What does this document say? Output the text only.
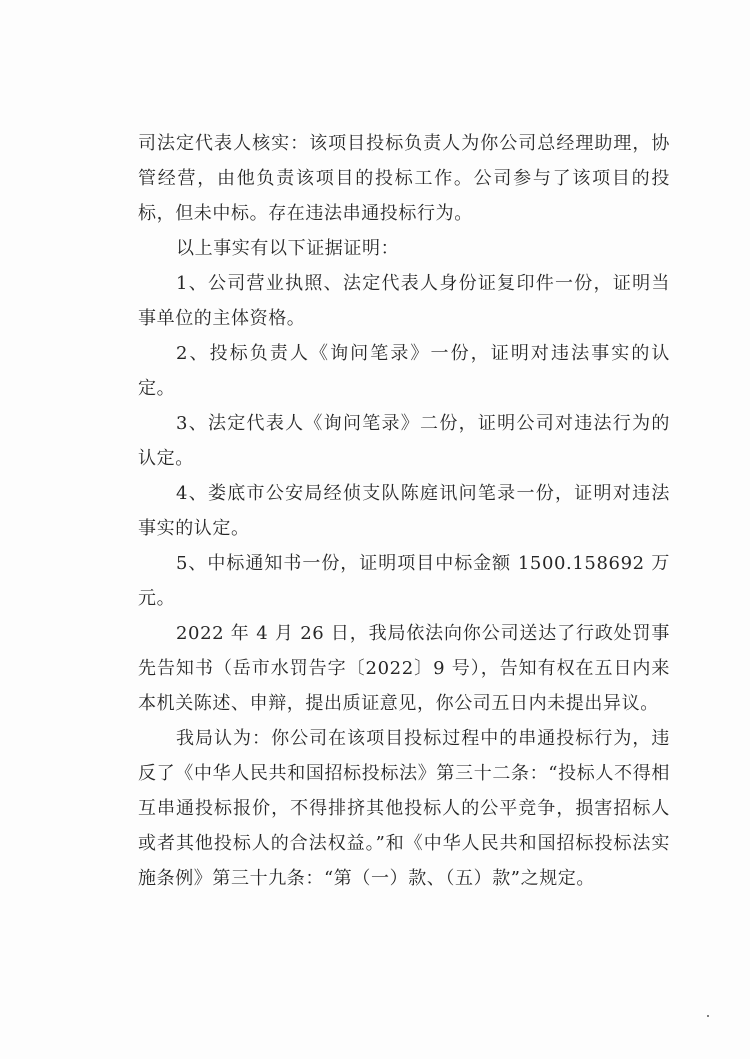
司法定代表人核实：该项目投标负责人为你公司总经理助理，协管经营，由他负责该项目的投标工作。公司参与了该项目的投标，但未中标。存在违法串通投标行为。

以上事实有以下证据证明：

1、公司营业执照、法定代表人身份证复印件一份，证明当事单位的主体资格。

2、投标负责人《询问笔录》一份，证明对违法事实的认定。

3、法定代表人《询问笔录》二份，证明公司对违法行为的认定。

4、娄底市公安局经侦支队陈庭讯问笔录一份，证明对违法事实的认定。

5、中标通知书一份，证明项目中标金额 1500.158692 万元。

2022 年 4 月 26 日，我局依法向你公司送达了行政处罚事先告知书（岳市水罚告字〔2022〕9 号），告知有权在五日内来本机关陈述、申辩，提出质证意见，你公司五日内未提出异议。

我局认为：你公司在该项目投标过程中的串通投标行为，违反了《中华人民共和国招标投标法》第三十二条：“投标人不得相互串通投标报价，不得排挤其他投标人的公平竞争，损害招标人或者其他投标人的合法权益。”和《中华人民共和国招标投标法实施条例》第三十九条：“第（一）款、（五）款”之规定。
